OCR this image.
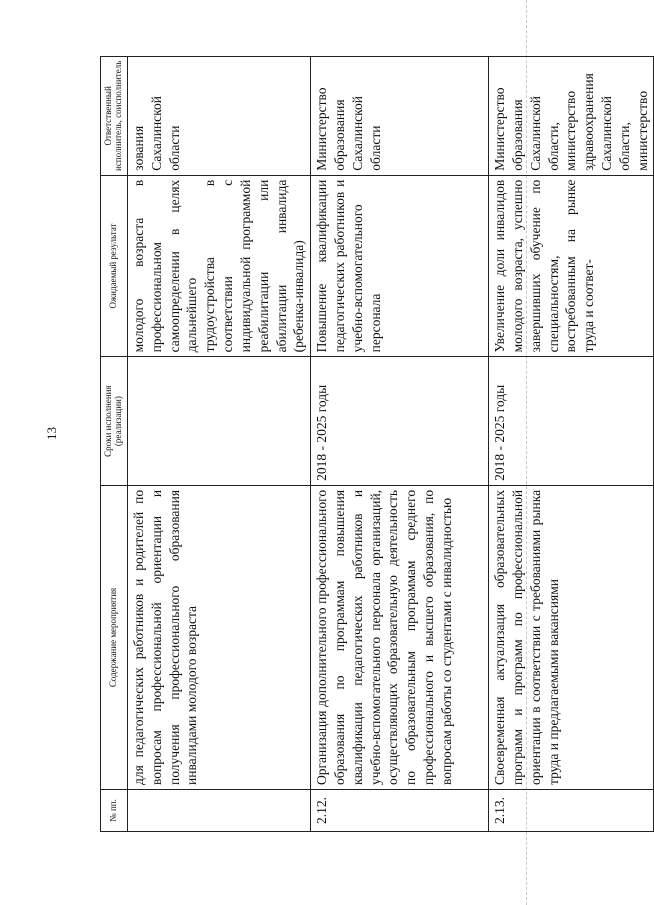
13
№ пп.	Содержание мероприятия	Сроки исполнения (реализации)	Ожидаемый результат	Ответственный исполнитель, соисполнитель
	для педагогических работников и родителей по вопросам профессиональной ориентации и получения профессионального образования инвалидами молодого возраста		молодого возраста в профессиональном самоопределении в целях дальнейшего трудоустройства в соответствии с индивидуальной программой реабилитации или абилитации инвалида (ребенка-инвалида)	зования Сахалинской области
2.12.	Организация дополнительного профессионального образования по программам повышения квалификации педагогических работников и учебно-вспомогательного персонала организаций, осуществляющих образовательную деятельность по образовательным программам среднего профессионального и высшего образования, по вопросам работы со студентами с инвалидностью	2018 - 2025 годы	Повышение квалификации педагогических работников и учебно-вспомогательного персонала	Министерство образования Сахалинской области
2.13.	Своевременная актуализация образовательных программ и программ по профессиональной ориентации в соответствии с требованиями рынка труда и предлагаемыми вакансиями	2018 - 2025 годы	Увеличение доли инвалидов молодого возраста, успешно завершивших обучение по специальностям, востребованным на рынке труда и соответ-	Министерство образования Сахалинской области, министерство здравоохранения Сахалинской области, министерство
